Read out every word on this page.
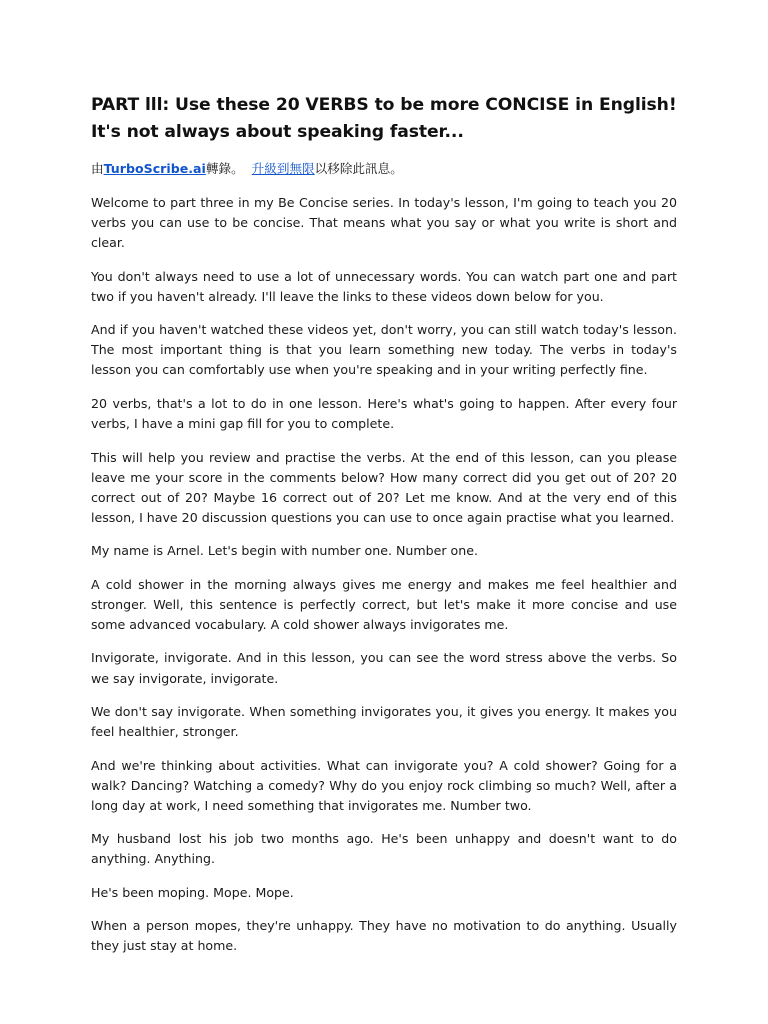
PART lll: Use these 20 VERBS to be more CONCISE in English! It's not always about speaking faster...
由TurboScribe.ai轉錄。 升級到無限以移除此訊息。

Welcome to part three in my Be Concise series. In today's lesson, I'm going to teach you 20 verbs you can use to be concise. That means what you say or what you write is short and clear.

You don't always need to use a lot of unnecessary words. You can watch part one and part two if you haven't already. I'll leave the links to these videos down below for you.

And if you haven't watched these videos yet, don't worry, you can still watch today's lesson. The most important thing is that you learn something new today. The verbs in today's lesson you can comfortably use when you're speaking and in your writing perfectly fine.

20 verbs, that's a lot to do in one lesson. Here's what's going to happen. After every four verbs, I have a mini gap fill for you to complete.

This will help you review and practise the verbs. At the end of this lesson, can you please leave me your score in the comments below? How many correct did you get out of 20? 20 correct out of 20? Maybe 16 correct out of 20? Let me know. And at the very end of this lesson, I have 20 discussion questions you can use to once again practise what you learned.

My name is Arnel. Let's begin with number one. Number one.

A cold shower in the morning always gives me energy and makes me feel healthier and stronger. Well, this sentence is perfectly correct, but let's make it more concise and use some advanced vocabulary. A cold shower always invigorates me.

Invigorate, invigorate. And in this lesson, you can see the word stress above the verbs. So we say invigorate, invigorate.

We don't say invigorate. When something invigorates you, it gives you energy. It makes you feel healthier, stronger.

And we're thinking about activities. What can invigorate you? A cold shower? Going for a walk? Dancing? Watching a comedy? Why do you enjoy rock climbing so much? Well, after a long day at work, I need something that invigorates me. Number two.

My husband lost his job two months ago. He's been unhappy and doesn't want to do anything. Anything.

He's been moping. Mope. Mope.

When a person mopes, they're unhappy. They have no motivation to do anything. Usually they just stay at home.
